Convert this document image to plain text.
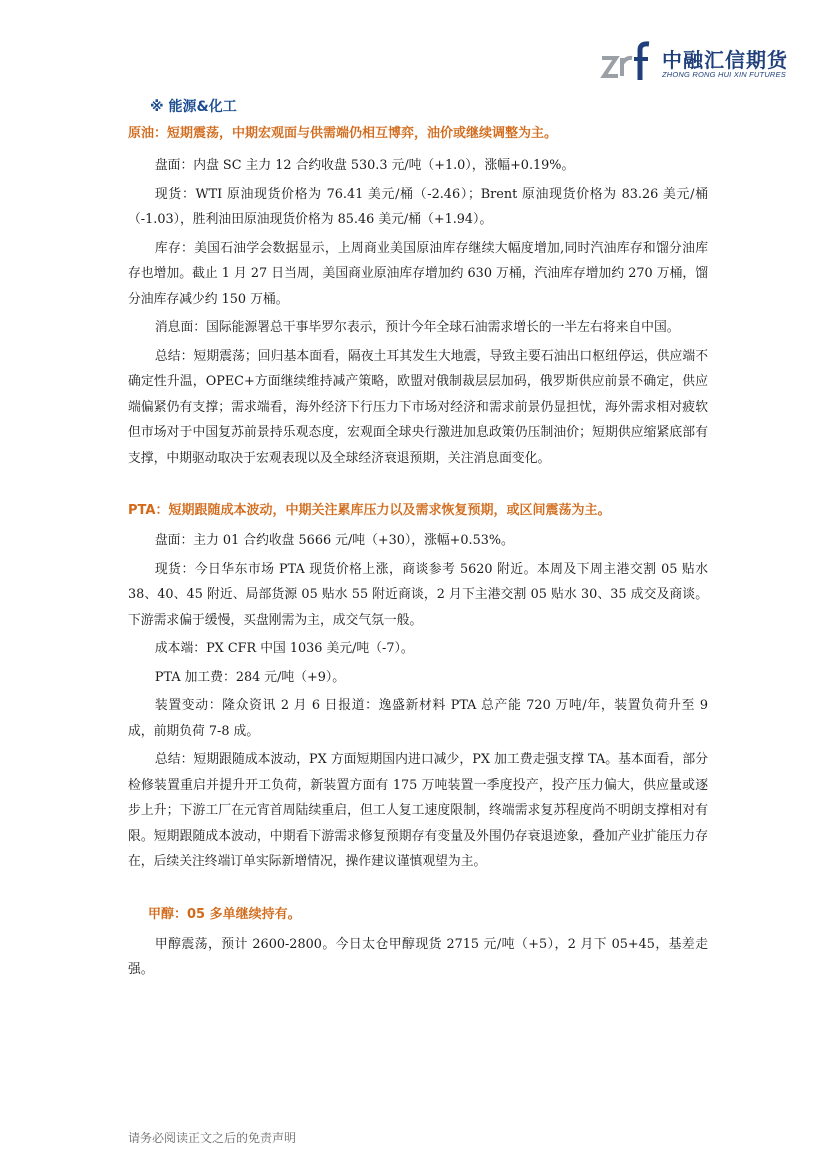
中融汇信期货
ZHONG RONG HUI XIN FUTURES
※ 能源&化工
原油：短期震荡，中期宏观面与供需端仍相互博弈，油价或继续调整为主。

盘面：内盘 SC 主力 12 合约收盘 530.3 元/吨（+1.0），涨幅+0.19%。

现货：WTI 原油现货价格为 76.41 美元/桶（-2.46）；Brent 原油现货价格为 83.26 美元/桶（-1.03），胜利油田原油现货价格为 85.46 美元/桶（+1.94）。

库存：美国石油学会数据显示，上周商业美国原油库存继续大幅度增加,同时汽油库存和馏分油库存也增加。截止 1 月 27 日当周，美国商业原油库存增加约 630 万桶，汽油库存增加约 270 万桶，馏分油库存减少约 150 万桶。

消息面：国际能源署总干事毕罗尔表示，预计今年全球石油需求增长的一半左右将来自中国。

总结：短期震荡；回归基本面看，隔夜土耳其发生大地震，导致主要石油出口枢纽停运，供应端不确定性升温，OPEC+方面继续维持减产策略，欧盟对俄制裁层层加码，俄罗斯供应前景不确定，供应端偏紧仍有支撑；需求端看，海外经济下行压力下市场对经济和需求前景仍显担忧，海外需求相对疲软但市场对于中国复苏前景持乐观态度，宏观面全球央行激进加息政策仍压制油价；短期供应缩紧底部有支撑，中期驱动取决于宏观表现以及全球经济衰退预期，关注消息面变化。

PTA：短期跟随成本波动，中期关注累库压力以及需求恢复预期，或区间震荡为主。

盘面：主力 01 合约收盘 5666 元/吨（+30），涨幅+0.53%。

现货：今日华东市场 PTA 现货价格上涨，商谈参考 5620 附近。本周及下周主港交割 05 贴水 38、40、45 附近、局部货源 05 贴水 55 附近商谈，2 月下主港交割 05 贴水 30、35 成交及商谈。下游需求偏于缓慢，买盘刚需为主，成交气氛一般。

成本端：PX CFR 中国 1036 美元/吨（-7）。

PTA 加工费：284 元/吨（+9）。

装置变动：隆众资讯 2 月 6 日报道：逸盛新材料 PTA 总产能 720 万吨/年，装置负荷升至 9 成，前期负荷 7-8 成。

总结：短期跟随成本波动，PX 方面短期国内进口减少，PX 加工费走强支撑 TA。基本面看，部分检修装置重启并提升开工负荷，新装置方面有 175 万吨装置一季度投产，投产压力偏大，供应量或逐步上升；下游工厂在元宵首周陆续重启，但工人复工速度限制，终端需求复苏程度尚不明朗支撑相对有限。短期跟随成本波动，中期看下游需求修复预期存有变量及外围仍存衰退迹象，叠加产业扩能压力存在，后续关注终端订单实际新增情况，操作建议谨慎观望为主。

甲醇：05 多单继续持有。

甲醇震荡，预计 2600-2800。今日太仓甲醇现货 2715 元/吨（+5），2 月下 05+45，基差走强。

请务必阅读正文之后的免责声明
